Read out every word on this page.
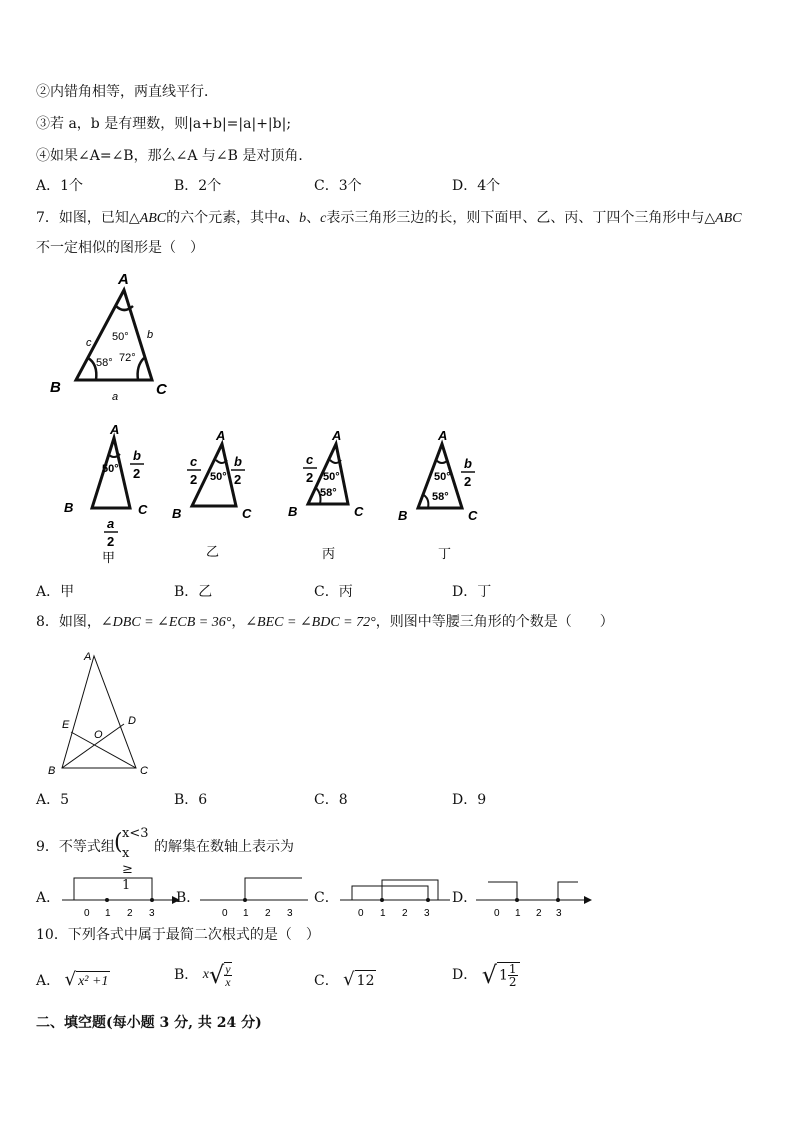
②内错角相等，两直线平行．
③若 a，b 是有理数，则|a+b|=|a|+|b|;
④如果∠A=∠B，那么∠A 与∠B 是对顶角．
A．1个	B．2个	C．3个	D．4个
7．如图，已知△ABC的六个元素，其中a、b、c表示三角形三边的长，则下面甲、乙、丙、丁四个三角形中与△ABC
不一定相似的图形是（　）
A
B	C
a
b
c 50°
58° 72°
A
B	C
50°
b
2
a
2
甲
A
B	C
50°
c
2
b
2
乙
A
B	C
50°
58°
c
2
丙
A
B	C
50°
58°
b
2
丁
A．甲	B．乙	C．丙	D．丁
8．如图，∠DBC = ∠ECB = 36°，∠BEC = ∠BDC = 72°，则图中等腰三角形的个数是（　　）
A
B	C
D
E
O
A．5	B．6	C．8	D．9
9．不等式组 ( x<3
x ≥ 1
的解集在数轴上表示为
A．
0 1 2 3
B．
0 1 2 3
C．
0 1 2 3
D．
0 1 2 3
10．下列各式中属于最简二次根式的是（　）
A． √ x² +1	B． $x√ \frac{y}{x}$	C． √ 12	D． √ $1 \frac{1}{2}$
二、填空题(每小题 3 分, 共 24 分)
